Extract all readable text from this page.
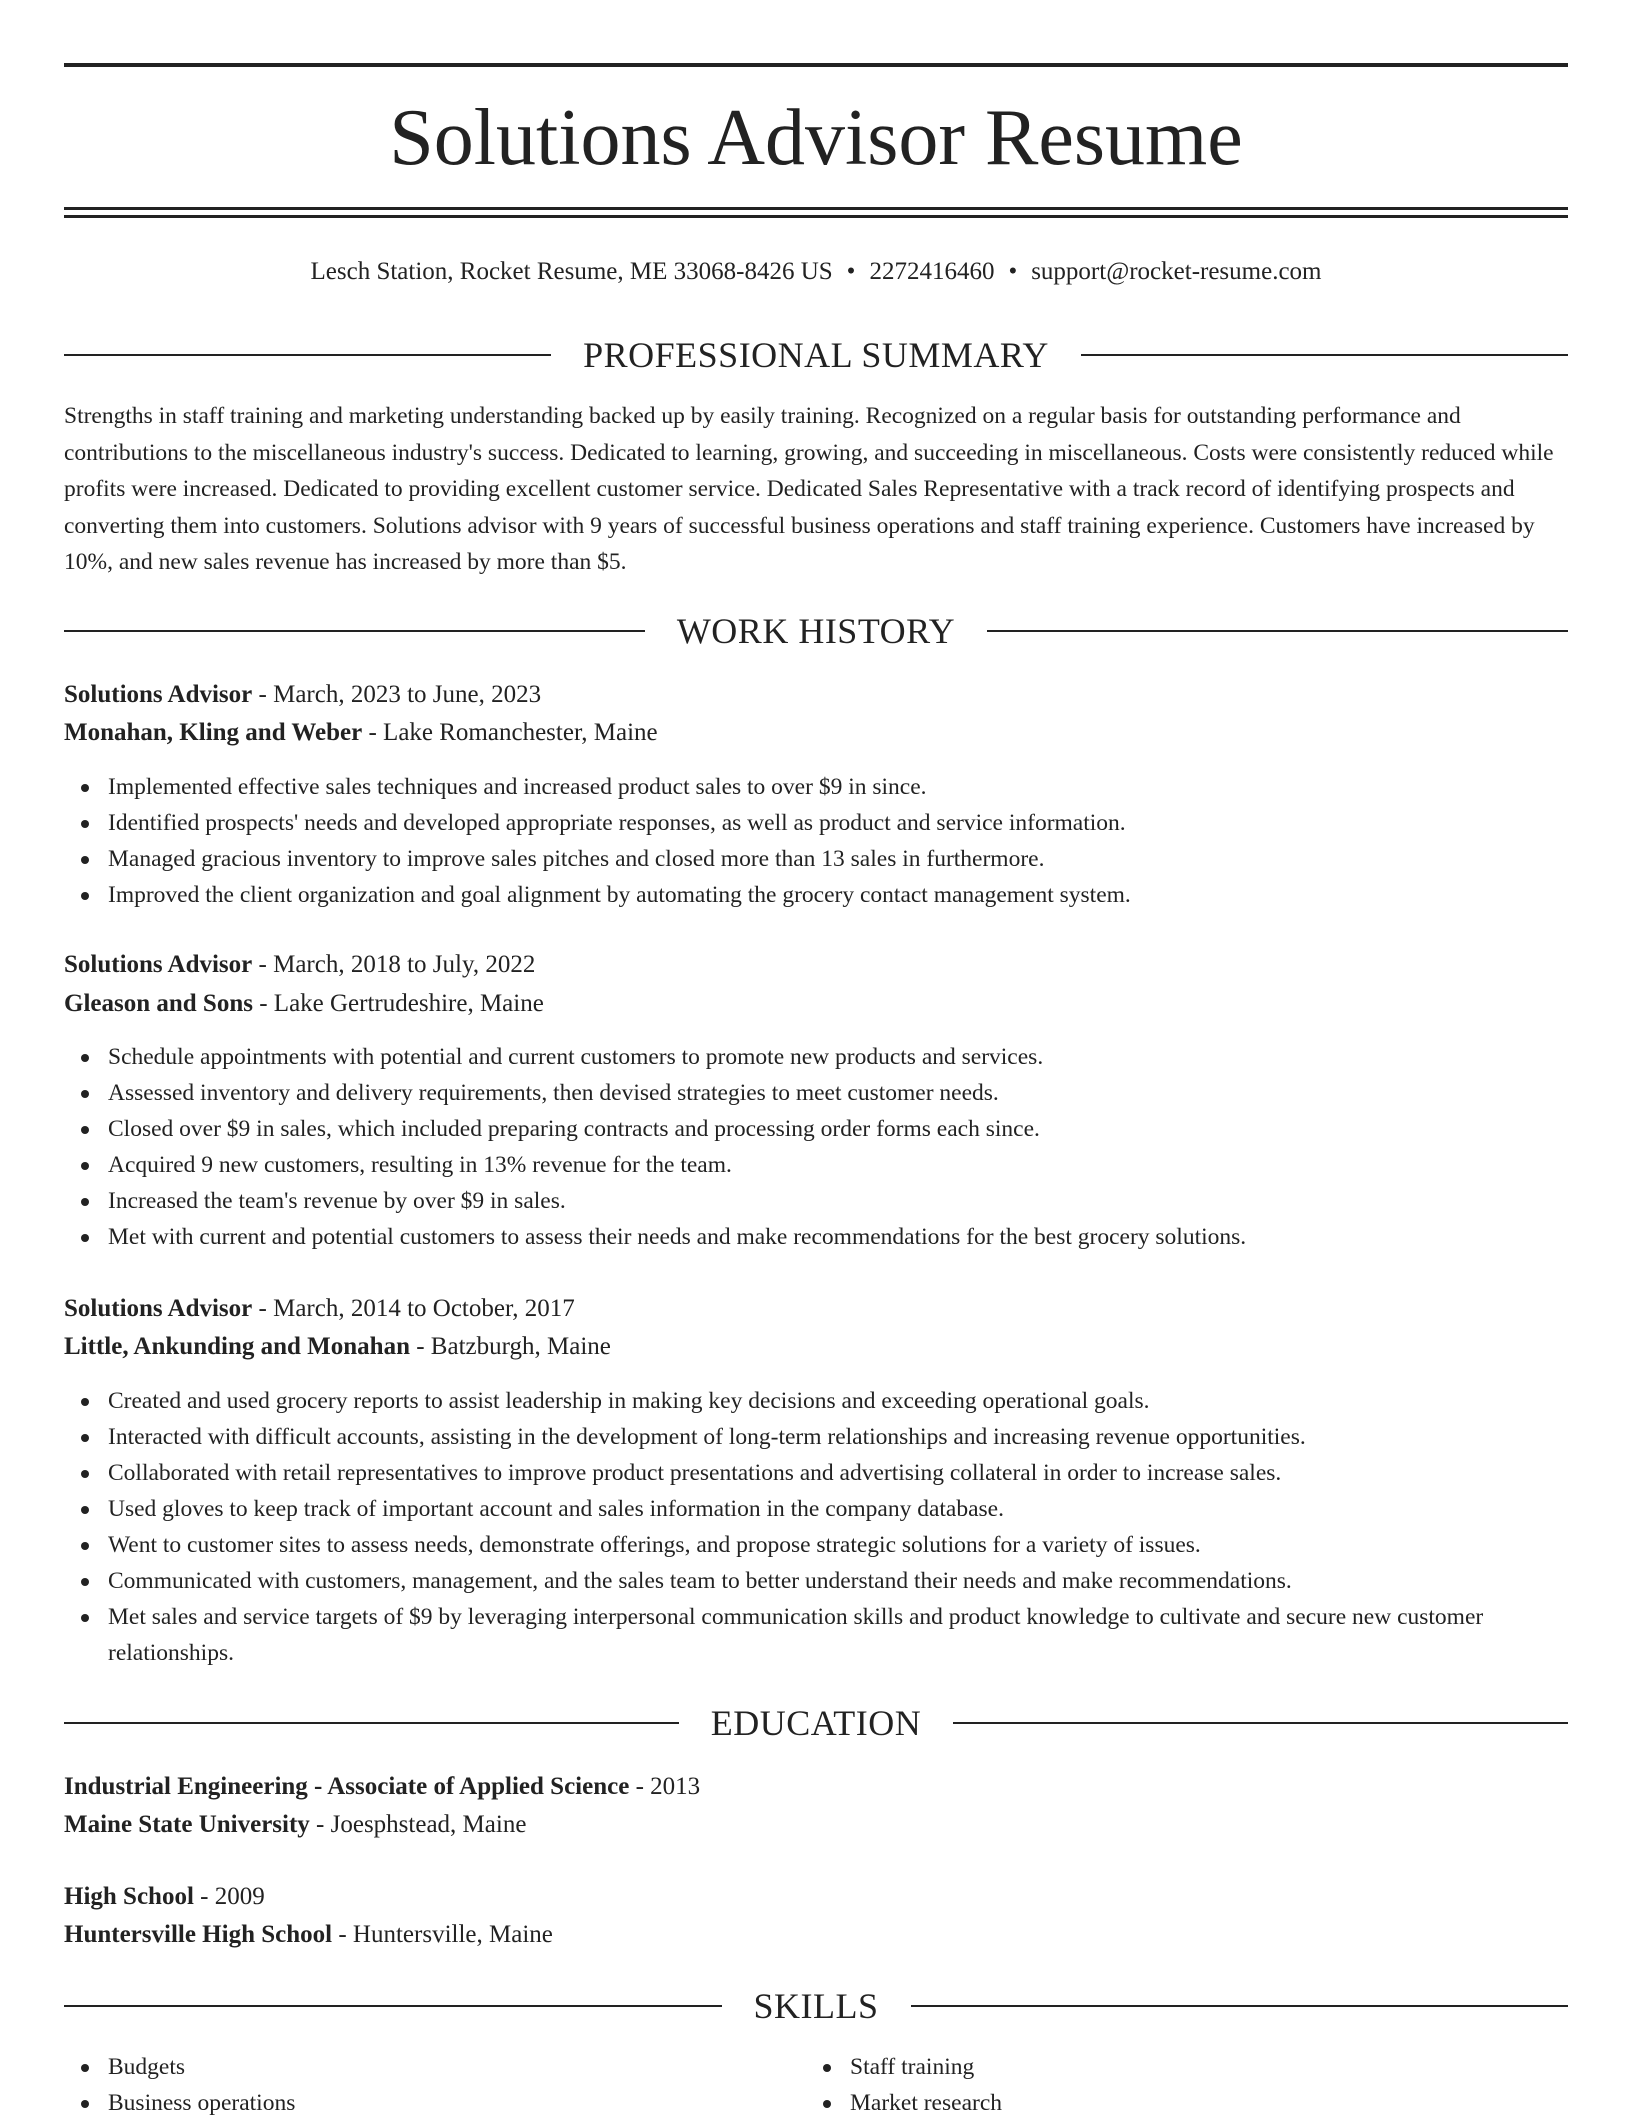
Solutions Advisor Resume
Lesch Station, Rocket Resume, ME 33068-8426 US • 2272416460 • support@rocket-resume.com
PROFESSIONAL SUMMARY

Strengths in staff training and marketing understanding backed up by easily training. Recognized on a regular basis for outstanding performance and contributions to the miscellaneous industry's success. Dedicated to learning, growing, and succeeding in miscellaneous. Costs were consistently reduced while profits were increased. Dedicated to providing excellent customer service. Dedicated Sales Representative with a track record of identifying prospects and converting them into customers. Solutions advisor with 9 years of successful business operations and staff training experience. Customers have increased by 10%, and new sales revenue has increased by more than $5.

WORK HISTORY
Solutions Advisor - March, 2023 to June, 2023
Monahan, Kling and Weber - Lake Romanchester, Maine
Implemented effective sales techniques and increased product sales to over $9 in since.
Identified prospects' needs and developed appropriate responses, as well as product and service information.
Managed gracious inventory to improve sales pitches and closed more than 13 sales in furthermore.
Improved the client organization and goal alignment by automating the grocery contact management system.
Solutions Advisor - March, 2018 to July, 2022
Gleason and Sons - Lake Gertrudeshire, Maine
Schedule appointments with potential and current customers to promote new products and services.
Assessed inventory and delivery requirements, then devised strategies to meet customer needs.
Closed over $9 in sales, which included preparing contracts and processing order forms each since.
Acquired 9 new customers, resulting in 13% revenue for the team.
Increased the team's revenue by over $9 in sales.
Met with current and potential customers to assess their needs and make recommendations for the best grocery solutions.
Solutions Advisor - March, 2014 to October, 2017
Little, Ankunding and Monahan - Batzburgh, Maine
Created and used grocery reports to assist leadership in making key decisions and exceeding operational goals.
Interacted with difficult accounts, assisting in the development of long-term relationships and increasing revenue opportunities.
Collaborated with retail representatives to improve product presentations and advertising collateral in order to increase sales.
Used gloves to keep track of important account and sales information in the company database.
Went to customer sites to assess needs, demonstrate offerings, and propose strategic solutions for a variety of issues.
Communicated with customers, management, and the sales team to better understand their needs and make recommendations.
Met sales and service targets of $9 by leveraging interpersonal communication skills and product knowledge to cultivate and secure new customer relationships.
EDUCATION
Industrial Engineering - Associate of Applied Science - 2013
Maine State University - Joesphstead, Maine
High School - 2009
Huntersville High School - Huntersville, Maine
SKILLS
Budgets
Business operations
Staff training
Market research
